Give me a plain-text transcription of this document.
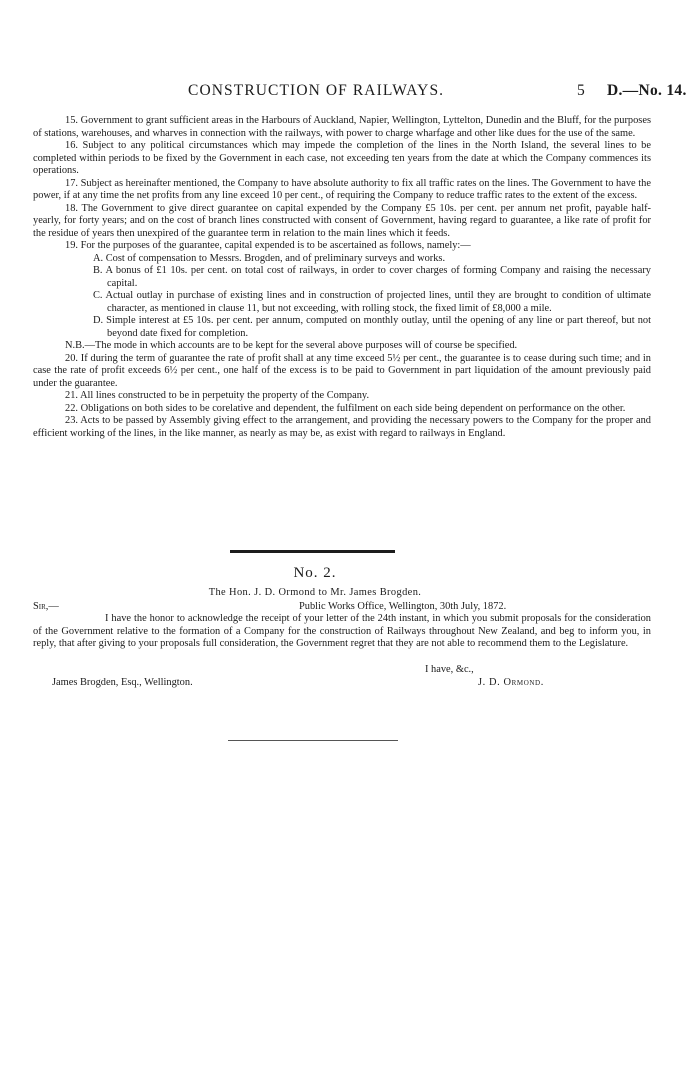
CONSTRUCTION OF RAILWAYS.	5 D.—No. 14.

15. Government to grant sufficient areas in the Harbours of Auckland, Napier, Wellington, Lyttelton, Dunedin and the Bluff, for the purposes of stations, warehouses, and wharves in connection with the railways, with power to charge wharfage and other like dues for the use of the same.

16. Subject to any political circumstances which may impede the completion of the lines in the North Island, the several lines to be completed within periods to be fixed by the Government in each case, not exceeding ten years from the date at which the Company commences its operations.

17. Subject as hereinafter mentioned, the Company to have absolute authority to fix all traffic rates on the lines. The Government to have the power, if at any time the net profits from any line exceed 10 per cent., of requiring the Company to reduce traffic rates to the extent of the excess.

18. The Government to give direct guarantee on capital expended by the Company £5 10s. per cent. per annum net profit, payable half-yearly, for forty years; and on the cost of branch lines constructed with consent of Government, having regard to guarantee, a like rate of profit for the residue of years then unexpired of the guarantee term in relation to the main lines which it feeds.

19. For the purposes of the guarantee, capital expended is to be ascertained as follows, namely:—

A. Cost of compensation to Messrs. Brogden, and of preliminary surveys and works.

B. A bonus of £1 10s. per cent. on total cost of railways, in order to cover charges of forming Company and raising the necessary capital.

C. Actual outlay in purchase of existing lines and in construction of projected lines, until they are brought to condition of ultimate character, as mentioned in clause 11, but not exceeding, with rolling stock, the fixed limit of £8,000 a mile.

D. Simple interest at £5 10s. per cent. per annum, computed on monthly outlay, until the opening of any line or part thereof, but not beyond date fixed for completion.

N.B.—The mode in which accounts are to be kept for the several above purposes will of course be specified.

20. If during the term of guarantee the rate of profit shall at any time exceed 5½ per cent., the guarantee is to cease during such time; and in case the rate of profit exceeds 6½ per cent., one half of the excess is to be paid to Government in part liquidation of the amount previously paid under the guarantee.

21. All lines constructed to be in perpetuity the property of the Company.

22. Obligations on both sides to be corelative and dependent, the fulfilment on each side being dependent on performance on the other.

23. Acts to be passed by Assembly giving effect to the arrangement, and providing the necessary powers to the Company for the proper and efficient working of the lines, in the like manner, as nearly as may be, as exist with regard to railways in England.

No. 2.
The Hon. J. D. Ormond to Mr. James Brogden.
Sir,—	Public Works Office, Wellington, 30th July, 1872.
I have the honor to acknowledge the receipt of your letter of the 24th instant, in which you submit proposals for the consideration of the Government relative to the formation of a Company for the construction of Railways throughout New Zealand, and beg to inform you, in reply, that after giving to your proposals full consideration, the Government regret that they are not able to recommend them to the Legislature.
I have, &c.,
James Brogden, Esq., Wellington.	J. D. Ormond.
